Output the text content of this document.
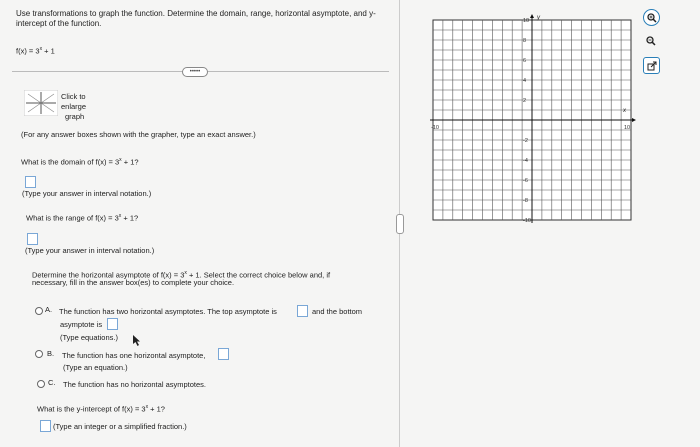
Use transformations to graph the function. Determine the domain, range, horizontal asymptote, and y-intercept of the function.
$f(x) = 3^x + 1$
•••••
Click to
enlarge
graph
(For any answer boxes shown with the grapher, type an exact answer.)
What is the domain of $f(x) = 3^x + 1$?
(Type your answer in interval notation.)
What is the range of $f(x) = 3^x + 1$?
(Type your answer in interval notation.)
Determine the horizontal asymptote of $f(x) = 3^x + 1$. Select the correct choice below and, if
necessary, fill in the answer box(es) to complete your choice.
A. The function has two horizontal asymptotes. The top asymptote is	and the bottom
asymptote is
(Type equations.)
B. The function has one horizontal asymptote,
(Type an equation.)
C. The function has no horizontal asymptotes.
What is the y-intercept of $f(x) = 3^x + 1$?
(Type an integer or a simplified fraction.)
x
y
-10	10
10
8
6
4
2
-2
-4
-6
-8
-10
